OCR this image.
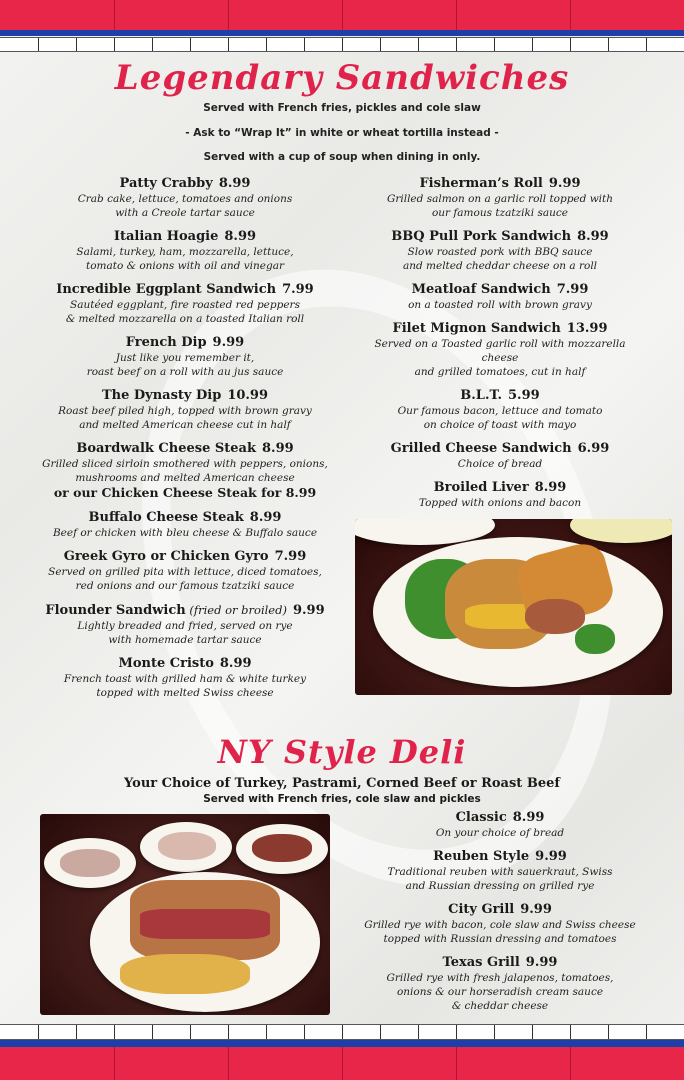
Legendary Sandwiches
Served with French fries, pickles and cole slaw
- Ask to “Wrap It” in white or wheat tortilla instead -
Served with a cup of soup when dining in only.
Patty Crabby 8.99
Crab cake, lettuce, tomatoes and onions
with a Creole tartar sauce
Italian Hoagie 8.99
Salami, turkey, ham, mozzarella, lettuce,
tomato & onions with oil and vinegar
Incredible Eggplant Sandwich 7.99
Sautéed eggplant, fire roasted red peppers
& melted mozzarella on a toasted Italian roll
French Dip 9.99
Just like you remember it,
roast beef on a roll with au jus sauce
The Dynasty Dip 10.99
Roast beef piled high, topped with brown gravy
and melted American cheese cut in half
Boardwalk Cheese Steak 8.99
Grilled sliced sirloin smothered with peppers, onions,
mushrooms and melted American cheese
or our Chicken Cheese Steak for 8.99
Buffalo Cheese Steak 8.99
Beef or chicken with bleu cheese & Buffalo sauce
Greek Gyro or Chicken Gyro 7.99
Served on grilled pita with lettuce, diced tomatoes,
red onions and our famous tzatziki sauce
Flounder Sandwich (fried or broiled) 9.99
Lightly breaded and fried, served on rye
with homemade tartar sauce
Monte Cristo 8.99
French toast with grilled ham & white turkey
topped with melted Swiss cheese
Fisherman’s Roll 9.99
Grilled salmon on a garlic roll topped with
our famous tzatziki sauce
BBQ Pull Pork Sandwich 8.99
Slow roasted pork with BBQ sauce
and melted cheddar cheese on a roll
Meatloaf Sandwich 7.99
on a toasted roll with brown gravy
Filet Mignon Sandwich 13.99
Served on a Toasted garlic roll with mozzarella cheese
and grilled tomatoes, cut in half
B.L.T. 5.99
Our famous bacon, lettuce and tomato
on choice of toast with mayo
Grilled Cheese Sandwich 6.99
Choice of bread
Broiled Liver 8.99
Topped with onions and bacon
NY Style Deli
Your Choice of Turkey, Pastrami, Corned Beef or Roast Beef
Served with French fries, cole slaw and pickles
Classic 8.99
On your choice of bread
Reuben Style 9.99
Traditional reuben with sauerkraut, Swiss
and Russian dressing on grilled rye
City Grill 9.99
Grilled rye with bacon, cole slaw and Swiss cheese
topped with Russian dressing and tomatoes
Texas Grill 9.99
Grilled rye with fresh jalapenos, tomatoes,
onions & our horseradish cream sauce
& cheddar cheese
